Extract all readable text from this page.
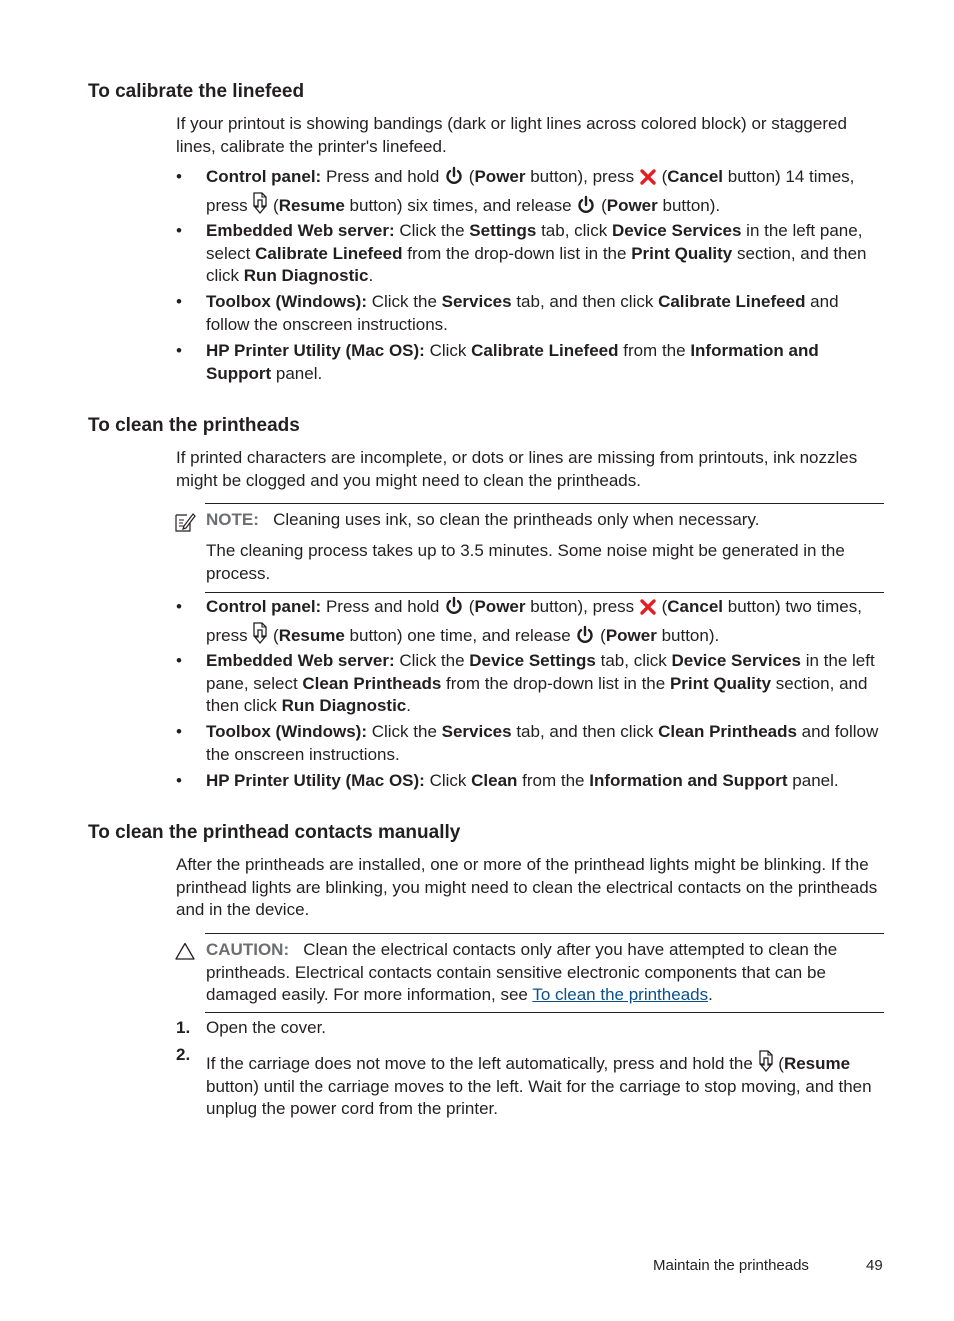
To calibrate the linefeed

If your printout is showing bandings (dark or light lines across colored block) or staggered lines, calibrate the printer's linefeed.

• Control panel: Press and hold  (Power button), press  (Cancel button) 14 times, press  (Resume button) six times, and release  (Power button).

• Embedded Web server: Click the Settings tab, click Device Services in the left pane, select Calibrate Linefeed from the drop-down list in the Print Quality section, and then click Run Diagnostic.

• Toolbox (Windows): Click the Services tab, and then click Calibrate Linefeed and follow the onscreen instructions.

• HP Printer Utility (Mac OS): Click Calibrate Linefeed from the Information and Support panel.

To clean the printheads

If printed characters are incomplete, or dots or lines are missing from printouts, ink nozzles might be clogged and you might need to clean the printheads.

NOTE: Cleaning uses ink, so clean the printheads only when necessary.

The cleaning process takes up to 3.5 minutes. Some noise might be generated in the process.

• Control panel: Press and hold  (Power button), press  (Cancel button) two times, press  (Resume button) one time, and release  (Power button).

• Embedded Web server: Click the Device Settings tab, click Device Services in the left pane, select Clean Printheads from the drop-down list in the Print Quality section, and then click Run Diagnostic.

• Toolbox (Windows): Click the Services tab, and then click Clean Printheads and follow the onscreen instructions.

• HP Printer Utility (Mac OS): Click Clean from the Information and Support panel.

To clean the printhead contacts manually

After the printheads are installed, one or more of the printhead lights might be blinking. If the printhead lights are blinking, you might need to clean the electrical contacts on the printheads and in the device.

CAUTION: Clean the electrical contacts only after you have attempted to clean the printheads. Electrical contacts contain sensitive electronic components that can be damaged easily. For more information, see To clean the printheads.

1. Open the cover.

2. If the carriage does not move to the left automatically, press and hold the  (Resume button) until the carriage moves to the left. Wait for the carriage to stop moving, and then unplug the power cord from the printer.

Maintain the printheads	49
